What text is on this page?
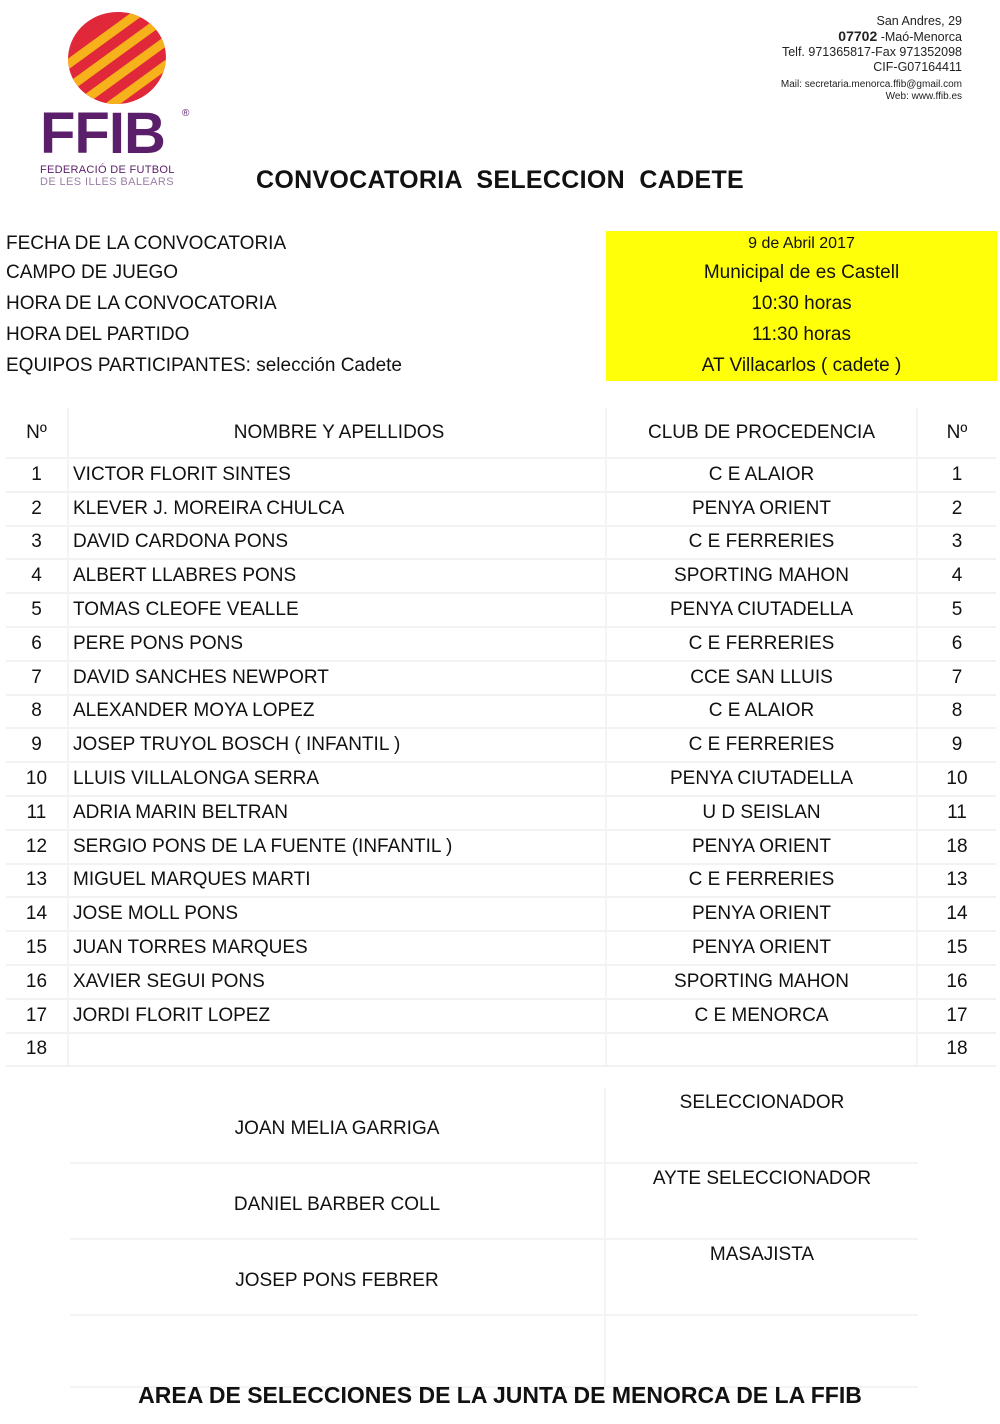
FFIB ®
FEDERACIÓ DE FUTBOL
DE LES ILLES BALEARS
San Andres, 29
07702 -Maó-Menorca
Telf. 971365817-Fax 971352098
CIF-G07164411
Mail: secretaria.menorca.ffib@gmail.com
Web: www.ffib.es
CONVOCATORIA  SELECCION  CADETE
FECHA DE LA CONVOCATORIA	9 de Abril 2017
CAMPO DE JUEGO	Municipal de es Castell
HORA DE LA CONVOCATORIA	10:30 horas
HORA DEL PARTIDO	11:30 horas
EQUIPOS PARTICIPANTES: selección Cadete	AT Villacarlos ( cadete )
Nº	NOMBRE Y APELLIDOS	CLUB DE PROCEDENCIA	Nº
1	VICTOR FLORIT SINTES	C E ALAIOR	1
2	KLEVER J. MOREIRA CHULCA	PENYA ORIENT	2
3	DAVID CARDONA PONS	C E FERRERIES	3
4	ALBERT LLABRES PONS	SPORTING MAHON	4
5	TOMAS CLEOFE VEALLE	PENYA CIUTADELLA	5
6	PERE PONS PONS	C E FERRERIES	6
7	DAVID SANCHES NEWPORT	CCE SAN LLUIS	7
8	ALEXANDER MOYA LOPEZ	C E ALAIOR	8
9	JOSEP TRUYOL BOSCH ( INFANTIL )	C E FERRERIES	9
10	LLUIS VILLALONGA SERRA	PENYA CIUTADELLA	10
11	ADRIA MARIN BELTRAN	U D SEISLAN	11
12	SERGIO PONS DE LA FUENTE (INFANTIL )	PENYA ORIENT	18
13	MIGUEL MARQUES MARTI	C E FERRERIES	13
14	JOSE MOLL PONS	PENYA ORIENT	14
15	JUAN TORRES MARQUES	PENYA ORIENT	15
16	XAVIER SEGUI PONS	SPORTING MAHON	16
17	JORDI FLORIT LOPEZ	C E MENORCA	17
18			18
JOAN MELIA GARRIGA
SELECCIONADOR
DANIEL BARBER COLL
AYTE SELECCIONADOR
JOSEP PONS FEBRER
MASAJISTA
AREA DE SELECCIONES DE LA JUNTA DE MENORCA DE LA FFIB
